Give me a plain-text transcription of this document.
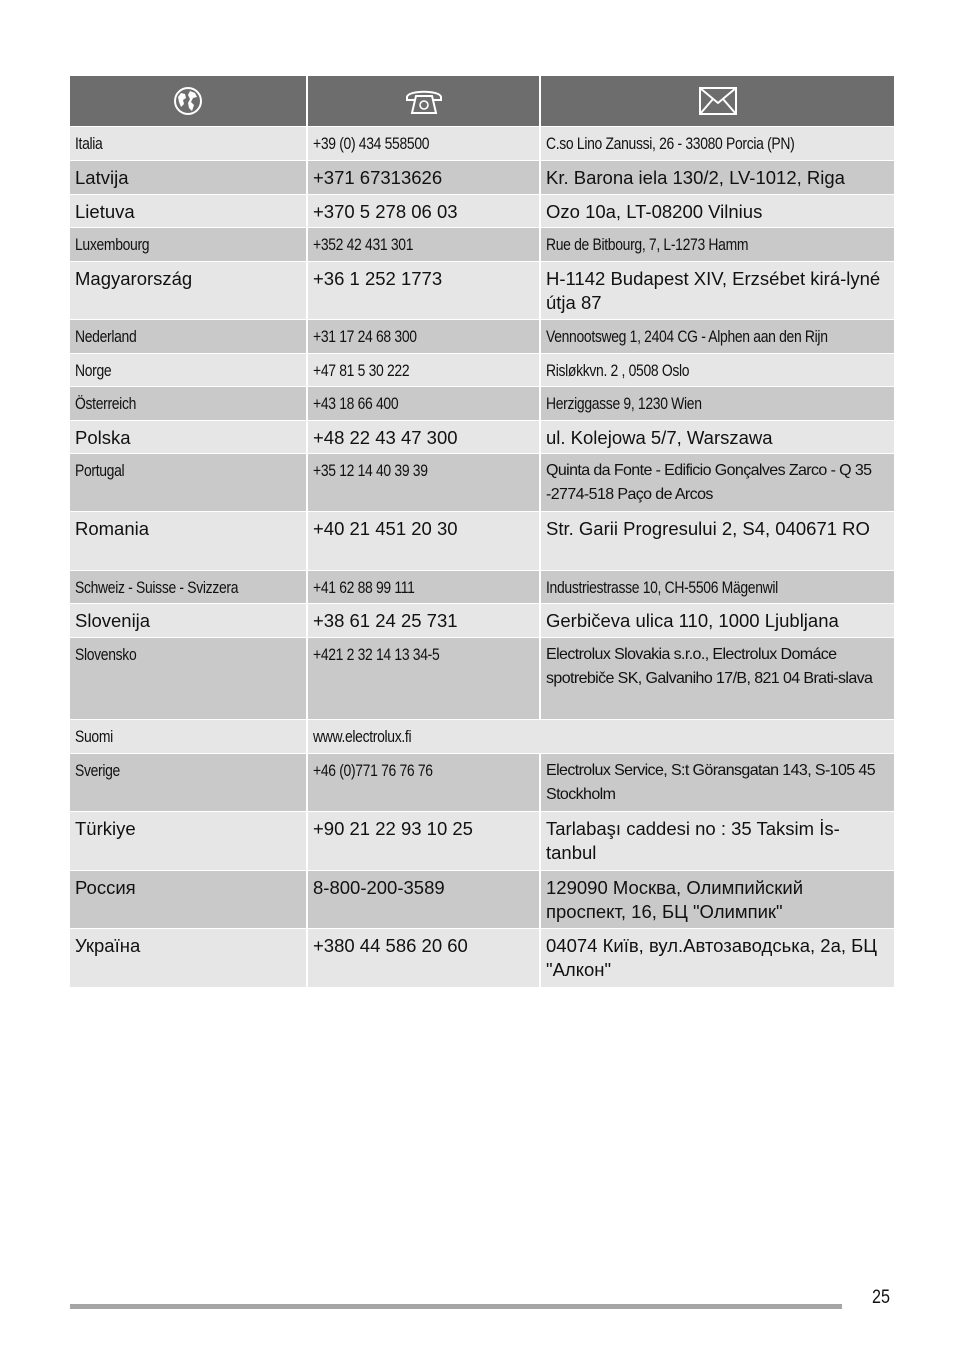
Italia	+39 (0) 434 558500	C.so Lino Zanussi, 26 - 33080 Porcia (PN)
Latvija	+371 67313626	Kr. Barona iela 130/2, LV-1012, Riga
Lietuva	+370 5 278 06 03	Ozo 10a, LT-08200 Vilnius
Luxembourg	+352 42 431 301	Rue de Bitbourg, 7, L-1273 Hamm
Magyarország	+36 1 252 1773	H-1142 Budapest XIV, Erzsébet kirá-lyné útja 87
Nederland	+31 17 24 68 300	Vennootsweg 1, 2404 CG - Alphen aan den Rijn
Norge	+47 81 5 30 222	Risløkkvn. 2 , 0508 Oslo
Österreich	+43 18 66 400	Herziggasse 9, 1230 Wien
Polska	+48 22 43 47 300	ul. Kolejowa 5/7, Warszawa
Portugal	+35 12 14 40 39 39	Quinta da Fonte - Edificio Gonçalves Zarco - Q 35 -2774-518 Paço de Arcos
Romania	+40 21 451 20 30	Str. Garii Progresului 2, S4, 040671 RO
Schweiz - Suisse - Svizzera	+41 62 88 99 111	Industriestrasse 10, CH-5506 Mägenwil
Slovenija	+38 61 24 25 731	Gerbičeva ulica 110, 1000 Ljubljana
Slovensko	+421 2 32 14 13 34-5	Electrolux Slovakia s.r.o., Electrolux Domáce spotrebiče SK, Galvaniho 17/B, 821 04 Brati-slava
Suomi	www.electrolux.fi
Sverige	+46 (0)771 76 76 76	Electrolux Service, S:t Göransgatan 143, S-105 45 Stockholm
Türkiye	+90 21 22 93 10 25	Tarlabaşı caddesi no : 35 Taksim İs-tanbul
Россия	8-800-200-3589	129090 Москва, Олимпийский проспект, 16, БЦ "Олимпик"
Україна	+380 44 586 20 60	04074 Київ, вул.Автозаводська, 2а, БЦ "Алкон"
25
